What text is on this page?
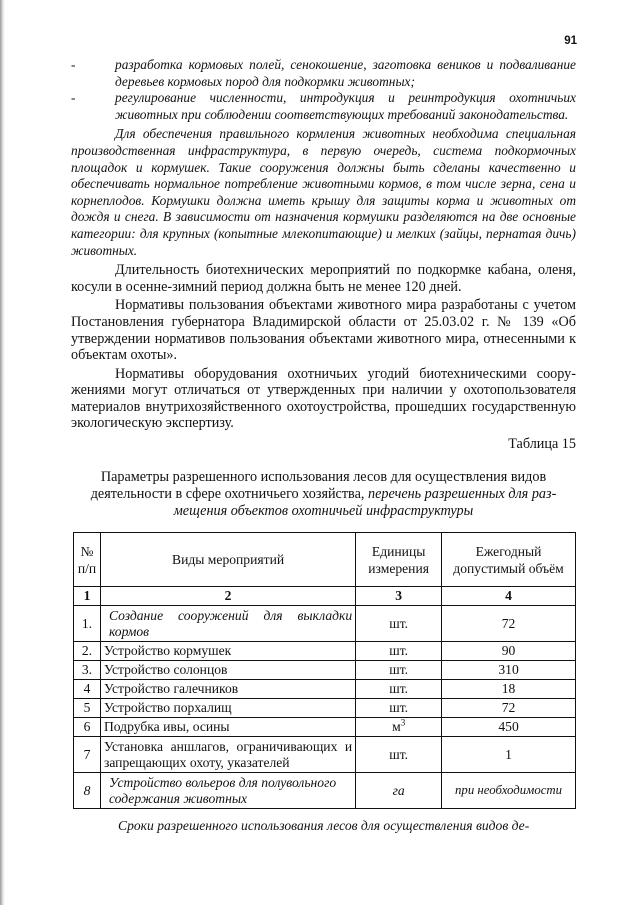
91

-	разработка кормовых полей, сенокошение, заготовка веников и подваливание деревьев кормовых пород для подкормки животных;

-	регулирование численности, интродукция и реинтродукция охотничьих животных при соблюдении соответствующих требований законодательства.

Для обеспечения правильного кормления животных необходима специальная производственная инфраструктура, в первую очередь, система подкормочных площадок и кормушек. Такие сооружения должны быть сделаны качественно и обеспечивать нормальное потребление животными кормов, в том числе зерна, сена и корнеплодов. Кормушки должна иметь крышу для защиты корма и животных от дождя и снега. В зависимости от назначения кормушки разделяются на две основные категории: для крупных (копытные млекопитающие) и мелких (зайцы, пернатая дичь) животных.

Длительность биотехнических мероприятий по подкормке кабана, оленя, косули в осенне-зимний период должна быть не менее 120 дней.

Нормативы пользования объектами животного мира разработаны с учетом Постановления губернатора Владимирской области от 25.03.02 г. № 139 «Об утверждении нормативов пользования объектами животного мира, отнесенными к объектам охоты».

Нормативы оборудования охотничьих угодий биотехническими сооружениями могут отличаться от утвержденных при наличии у охотопользователя материалов внутрихозяйственного охотоустройства, прошедших государственную экологическую экспертизу.

Таблица 15

Параметры разрешенного использования лесов для осуществления видов деятельности в сфере охотничьего хозяйства, перечень разрешенных для размещения объектов охотничьей инфраструктуры

№ п/п	Виды мероприятий	Единицы измерения	Ежегодный допустимый объём
1	2	3	4
1.	Создание сооружений для выкладки кормов	шт.	72
2.	Устройство кормушек	шт.	90
3.	Устройство солонцов	шт.	310
4	Устройство галечников	шт.	18
5	Устройство порхалищ	шт.	72
6	Подрубка ивы, осины	$м^3$	450
7	Установка аншлагов, ограничивающих и запрещающих охоту, указателей	шт.	1
8	Устройство вольеров для полувольного содержания животных	га	при необходимости
Сроки разрешенного использования лесов для осуществления видов де-
